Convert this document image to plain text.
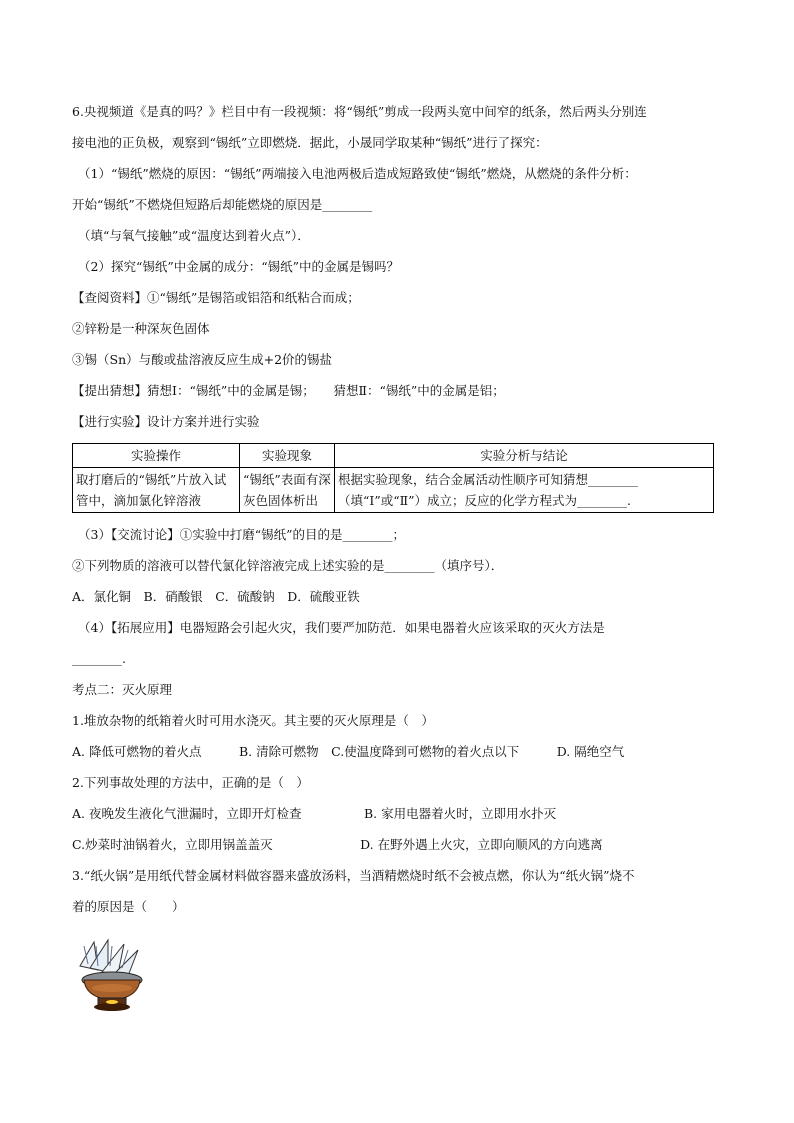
6.央视频道《是真的吗？》栏目中有一段视频：将“锡纸”剪成一段两头宽中间窄的纸条，然后两头分别连
接电池的正负极，观察到“锡纸”立即燃烧．据此，小晟同学取某种“锡纸”进行了探究：
（1）“锡纸”燃烧的原因：“锡纸”两端接入电池两极后造成短路致使“锡纸”燃烧，从燃烧的条件分析：
开始“锡纸”不燃烧但短路后却能燃烧的原因是________
（填“与氧气接触”或“温度达到着火点”）．
（2）探究“锡纸”中金属的成分：“锡纸”中的金属是锡吗？
【查阅资料】①“锡纸”是锡箔或铝箔和纸粘合而成；
②锌粉是一种深灰色固体
③锡（Sn）与酸或盐溶液反应生成+2价的锡盐
【提出猜想】猜想Ⅰ：“锡纸”中的金属是锡；　　猜想Ⅱ：“锡纸”中的金属是铝；
【进行实验】设计方案并进行实验
实验操作	实验现象	实验分析与结论
取打磨后的“锡纸”片放入试管中，滴加氯化锌溶液	“锡纸”表面有深灰色固体析出	根据实验现象，结合金属活动性顺序可知猜想________（填“Ⅰ”或“Ⅱ”）成立；反应的化学方程式为________.
（3）【交流讨论】①实验中打磨“锡纸”的目的是________；
②下列物质的溶液可以替代氯化锌溶液完成上述实验的是________（填序号）．
A．氯化铜　B．硝酸银　C．硫酸钠　D．硫酸亚铁
（4）【拓展应用】电器短路会引起火灾，我们要严加防范．如果电器着火应该采取的灭火方法是
________.
考点二：灭火原理
1.堆放杂物的纸箱着火时可用水浇灭。其主要的灭火原理是（　）
A. 降低可燃物的着火点　　　B. 清除可燃物　C.使温度降到可燃物的着火点以下　　　D. 隔绝空气
2.下列事故处理的方法中，正确的是（　）
A. 夜晚发生液化气泄漏时，立即开灯检查　　　　　B. 家用电器着火时，立即用水扑灭
C.炒菜时油锅着火，立即用锅盖盖灭　　　　　　　D. 在野外遇上火灾，立即向顺风的方向逃离
3.“纸火锅”是用纸代替金属材料做容器来盛放汤料，当酒精燃烧时纸不会被点燃，你认为“纸火锅”烧不
着的原因是（　　）
